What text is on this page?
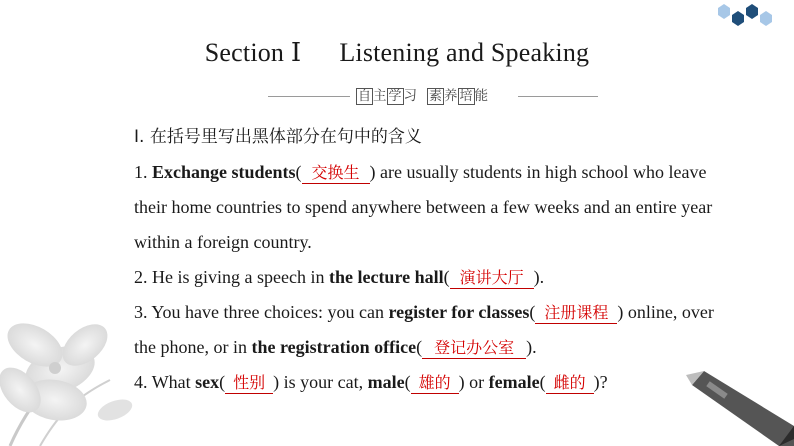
Section Ⅰ Listening and Speaking
自 主 学 习 素 养 培 能

Ⅰ. 在括号里写出黑体部分在句中的含义

1. Exchange students( 交换生 ) are usually students in high school who leave

their home countries to spend anywhere between a few weeks and an entire year

within a foreign country.

2. He is giving a speech in the lecture hall( 演讲大厅 ).

3. You have three choices: you can register for classes( 注册课程 ) online, over

the phone, or in the registration office( 登记办公室 ).

4. What sex( 性别 ) is your cat, male( 雄的 ) or female( 雌的 )?
